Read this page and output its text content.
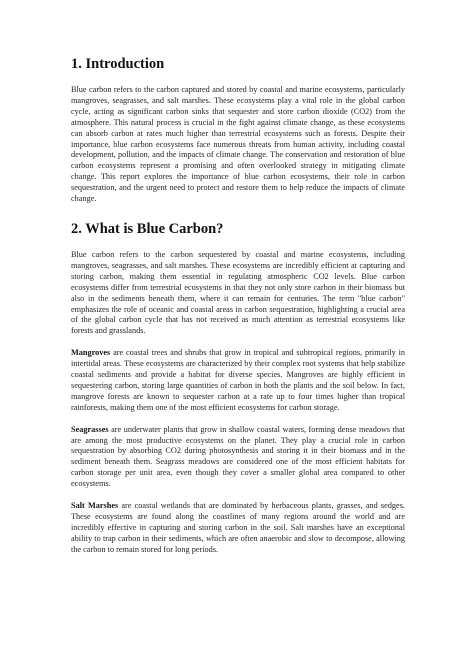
1. Introduction

Blue carbon refers to the carbon captured and stored by coastal and marine ecosystems, particularly mangroves, seagrasses, and salt marshes. These ecosystems play a vital role in the global carbon cycle, acting as significant carbon sinks that sequester and store carbon dioxide (CO2) from the atmosphere. This natural process is crucial in the fight against climate change, as these ecosystems can absorb carbon at rates much higher than terrestrial ecosystems such as forests. Despite their importance, blue carbon ecosystems face numerous threats from human activity, including coastal development, pollution, and the impacts of climate change. The conservation and restoration of blue carbon ecosystems represent a promising and often overlooked strategy in mitigating climate change. This report explores the importance of blue carbon ecosystems, their role in carbon sequestration, and the urgent need to protect and restore them to help reduce the impacts of climate change.

2. What is Blue Carbon?

Blue carbon refers to the carbon sequestered by coastal and marine ecosystems, including mangroves, seagrasses, and salt marshes. These ecosystems are incredibly efficient at capturing and storing carbon, making them essential in regulating atmospheric CO2 levels. Blue carbon ecosystems differ from terrestrial ecosystems in that they not only store carbon in their biomass but also in the sediments beneath them, where it can remain for centuries. The term "blue carbon" emphasizes the role of oceanic and coastal areas in carbon sequestration, highlighting a crucial area of the global carbon cycle that has not received as much attention as terrestrial ecosystems like forests and grasslands.

Mangroves are coastal trees and shrubs that grow in tropical and subtropical regions, primarily in intertidal areas. These ecosystems are characterized by their complex root systems that help stabilize coastal sediments and provide a habitat for diverse species. Mangroves are highly efficient in sequestering carbon, storing large quantities of carbon in both the plants and the soil below. In fact, mangrove forests are known to sequester carbon at a rate up to four times higher than tropical rainforests, making them one of the most efficient ecosystems for carbon storage.

Seagrasses are underwater plants that grow in shallow coastal waters, forming dense meadows that are among the most productive ecosystems on the planet. They play a crucial role in carbon sequestration by absorbing CO2 during photosynthesis and storing it in their biomass and in the sediment beneath them. Seagrass meadows are considered one of the most efficient habitats for carbon storage per unit area, even though they cover a smaller global area compared to other ecosystems.

Salt Marshes are coastal wetlands that are dominated by herbaceous plants, grasses, and sedges. These ecosystems are found along the coastlines of many regions around the world and are incredibly effective in capturing and storing carbon in the soil. Salt marshes have an exceptional ability to trap carbon in their sediments, which are often anaerobic and slow to decompose, allowing the carbon to remain stored for long periods.
